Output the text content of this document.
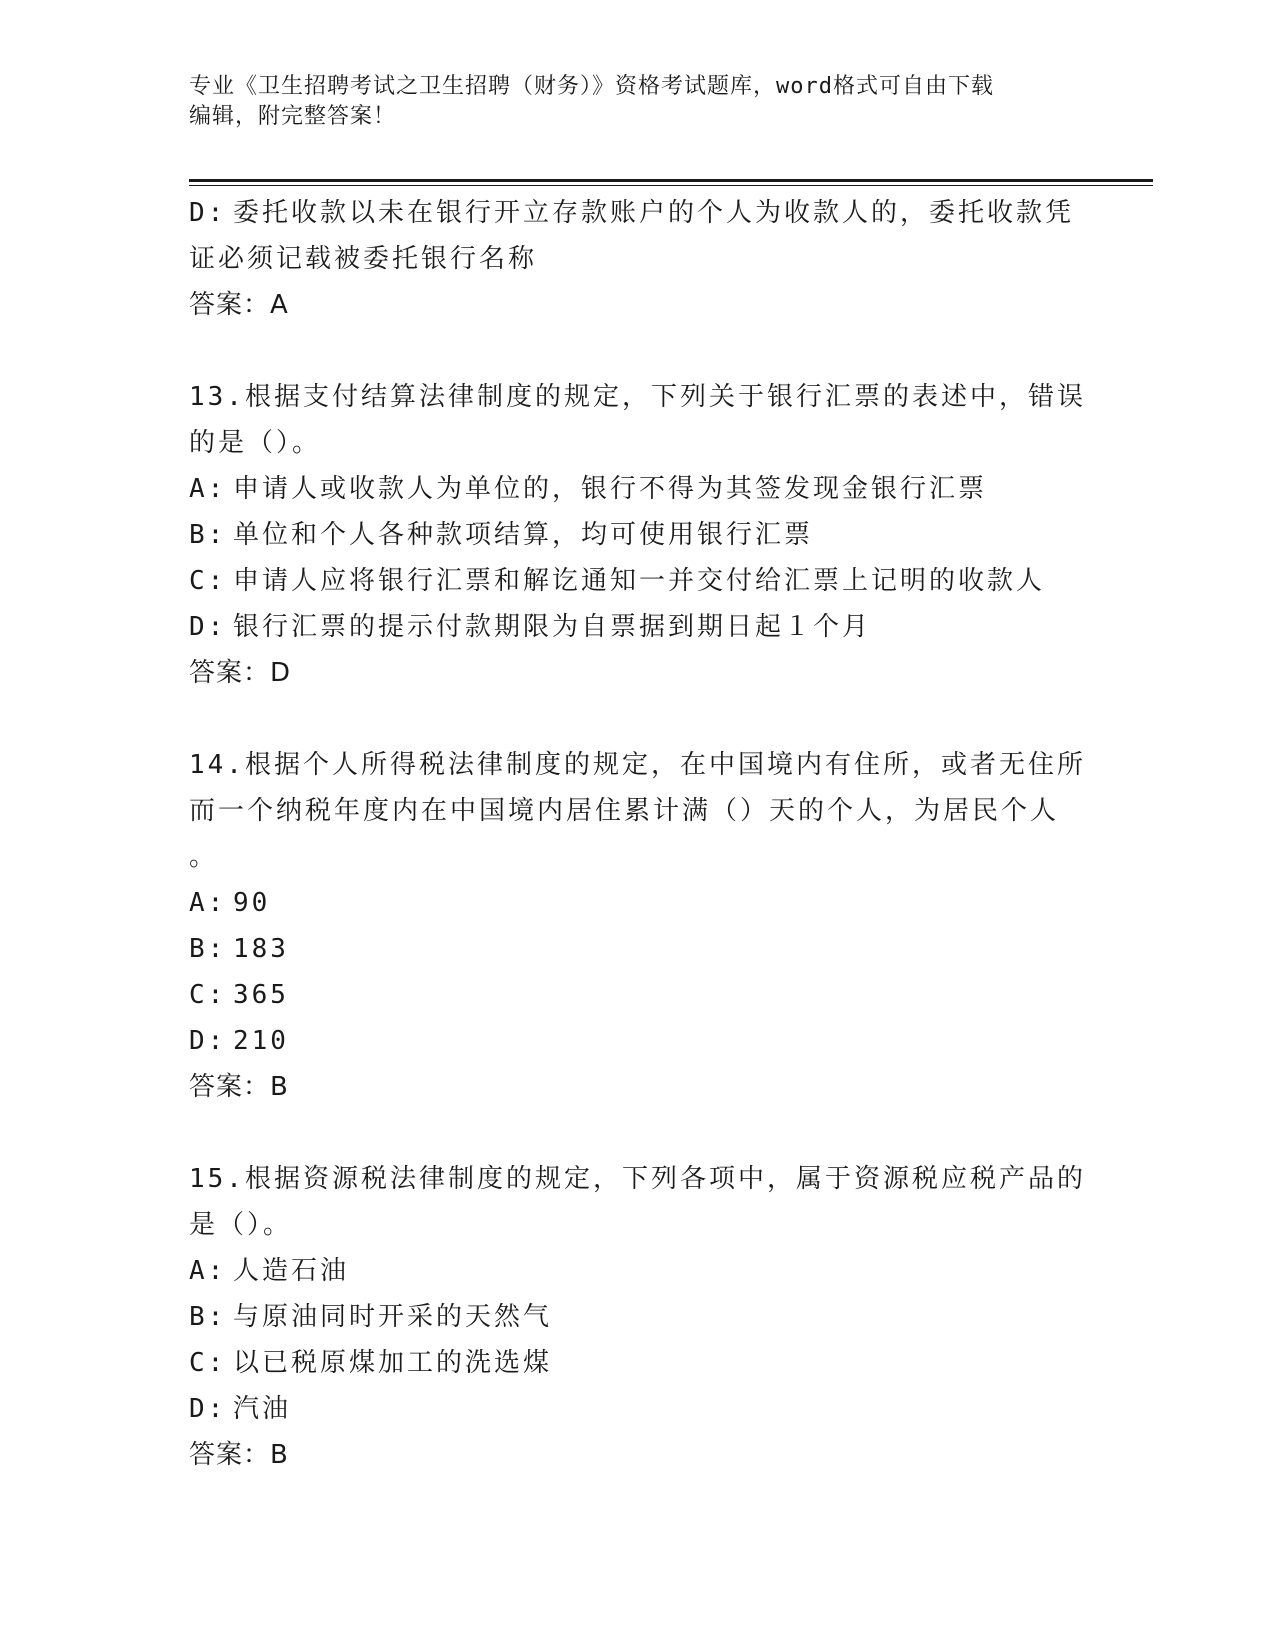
专业《卫生招聘考试之卫生招聘（财务）》资格考试题库，word格式可自由下载
编辑，附完整答案！
D: 委托收款以未在银行开立存款账户的个人为收款人的，委托收款凭
证必须记载被委托银行名称
答案：A
13.根据支付结算法律制度的规定，下列关于银行汇票的表述中，错误
的是（）。
A: 申请人或收款人为单位的，银行不得为其签发现金银行汇票
B: 单位和个人各种款项结算，均可使用银行汇票
C: 申请人应将银行汇票和解讫通知一并交付给汇票上记明的收款人
D: 银行汇票的提示付款期限为自票据到期日起１个月
答案：D
14.根据个人所得税法律制度的规定，在中国境内有住所，或者无住所
而一个纳税年度内在中国境内居住累计满（）天的个人，为居民个人
。
A: 90
B: 183
C: 365
D: 210
答案：B
15.根据资源税法律制度的规定，下列各项中，属于资源税应税产品的
是（）。
A: 人造石油
B: 与原油同时开采的天然气
C: 以已税原煤加工的洗选煤
D: 汽油
答案：B
